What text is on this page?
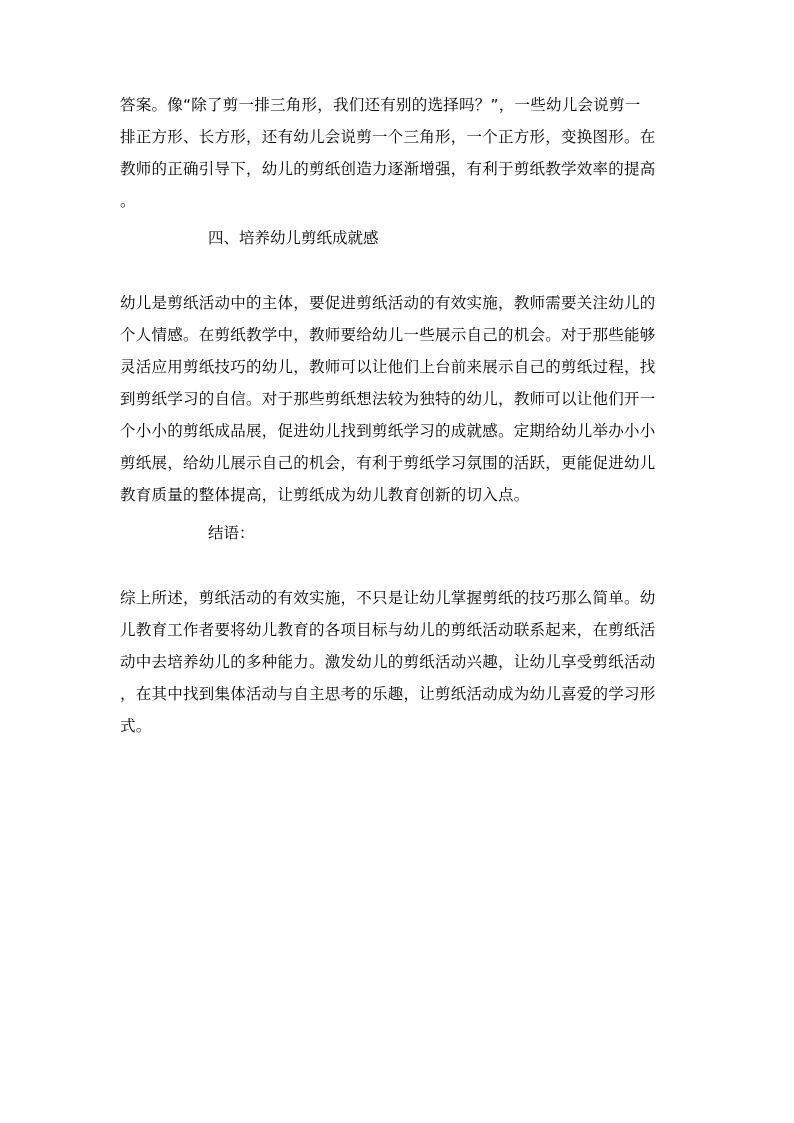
答案。像“除了剪一排三角形，我们还有别的选择吗？”，一些幼儿会说剪一
排正方形、长方形，还有幼儿会说剪一个三角形，一个正方形，变换图形。在
教师的正确引导下，幼儿的剪纸创造力逐渐增强，有利于剪纸教学效率的提高
。
四、培养幼儿剪纸成就感
幼儿是剪纸活动中的主体，要促进剪纸活动的有效实施，教师需要关注幼儿的
个人情感。在剪纸教学中，教师要给幼儿一些展示自己的机会。对于那些能够
灵活应用剪纸技巧的幼儿，教师可以让他们上台前来展示自己的剪纸过程，找
到剪纸学习的自信。对于那些剪纸想法较为独特的幼儿，教师可以让他们开一
个小小的剪纸成品展，促进幼儿找到剪纸学习的成就感。定期给幼儿举办小小
剪纸展，给幼儿展示自己的机会，有利于剪纸学习氛围的活跃，更能促进幼儿
教育质量的整体提高，让剪纸成为幼儿教育创新的切入点。
结语：
综上所述，剪纸活动的有效实施，不只是让幼儿掌握剪纸的技巧那么简单。幼
儿教育工作者要将幼儿教育的各项目标与幼儿的剪纸活动联系起来，在剪纸活
动中去培养幼儿的多种能力。激发幼儿的剪纸活动兴趣，让幼儿享受剪纸活动
，在其中找到集体活动与自主思考的乐趣，让剪纸活动成为幼儿喜爱的学习形
式。
